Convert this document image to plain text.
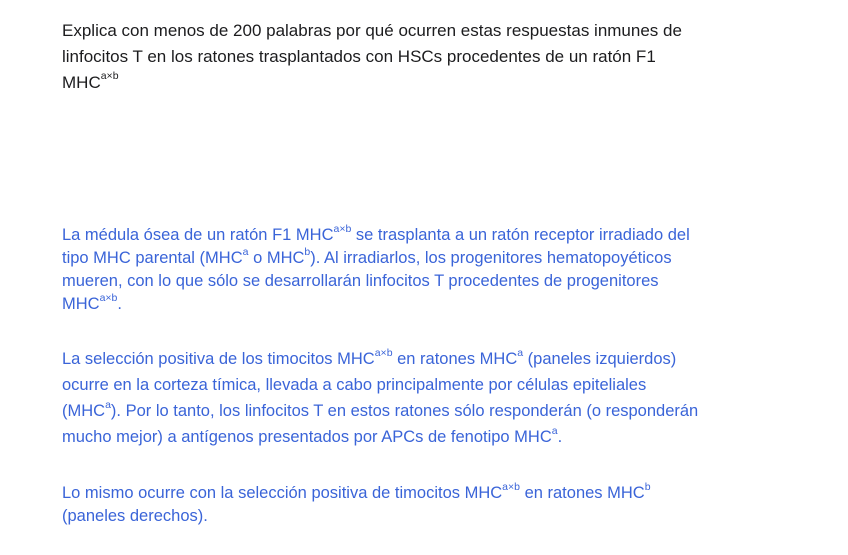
Explica con menos de 200 palabras por qué ocurren estas respuestas inmunes de
linfocitos T en los ratones trasplantados con HSCs procedentes de un ratón F1
$MHC^{a\times b}$
La médula ósea de un ratón F1 $MHC^{a\times b}$ se trasplanta a un ratón receptor irradiado del
tipo MHC parental (MHC$^a$ o MHC$^b$). Al irradiarlos, los progenitores hematopoyéticos
mueren, con lo que sólo se desarrollarán linfocitos T procedentes de progenitores
$MHC^{a\times b}$.
La selección positiva de los timocitos $MHC^{a\times b}$ en ratones MHC$^a$ (paneles izquierdos)
ocurre en la corteza tímica, llevada a cabo principalmente por células epiteliales
(MHC$^a$). Por lo tanto, los linfocitos T en estos ratones sólo responderán (o responderán
mucho mejor) a antígenos presentados por APCs de fenotipo MHC$^a$.
Lo mismo ocurre con la selección positiva de timocitos $MHC^{a\times b}$ en ratones MHC$^b$
(paneles derechos).
